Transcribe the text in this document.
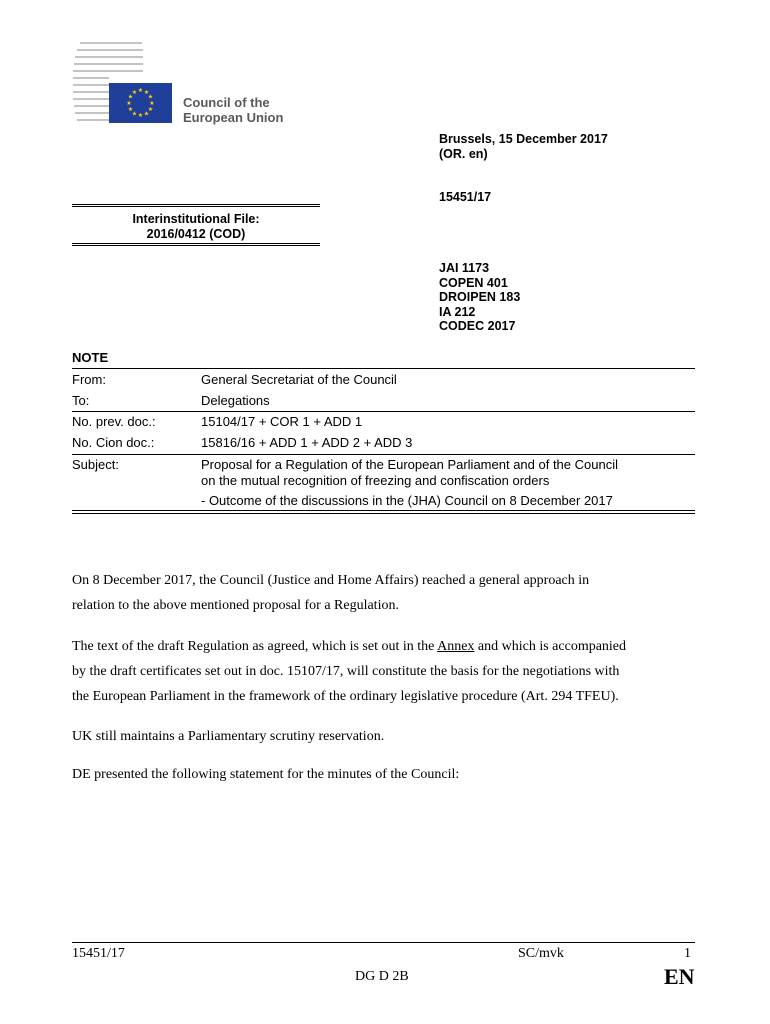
★ ★
★
★
★
★
★
★
★
★
★
★
Council of the
European Union
Brussels, 15 December 2017
(OR. en)
15451/17
Interinstitutional File:
2016/0412 (COD)
JAI 1173
COPEN 401
DROIPEN 183
IA 212
CODEC 2017
NOTE
From:	General Secretariat of the Council
To:	Delegations
No. prev. doc.:	15104/17 + COR 1 + ADD 1
No. Cion doc.:	15816/16 + ADD 1 + ADD 2 + ADD 3
Subject:	Proposal for a Regulation of the European Parliament and of the Council
on the mutual recognition of freezing and confiscation orders
- Outcome of the discussions in the (JHA) Council on 8 December 2017
On 8 December 2017, the Council (Justice and Home Affairs) reached a general approach in
relation to the above mentioned proposal for a Regulation.
The text of the draft Regulation as agreed, which is set out in the Annex and which is accompanied
by the draft certificates set out in doc. 15107/17, will constitute the basis for the negotiations with
the European Parliament in the framework of the ordinary legislative procedure (Art. 294 TFEU).
UK still maintains a Parliamentary scrutiny reservation.
DE presented the following statement for the minutes of the Council:
15451/17	SC/mvk	1
DG D 2B	EN
